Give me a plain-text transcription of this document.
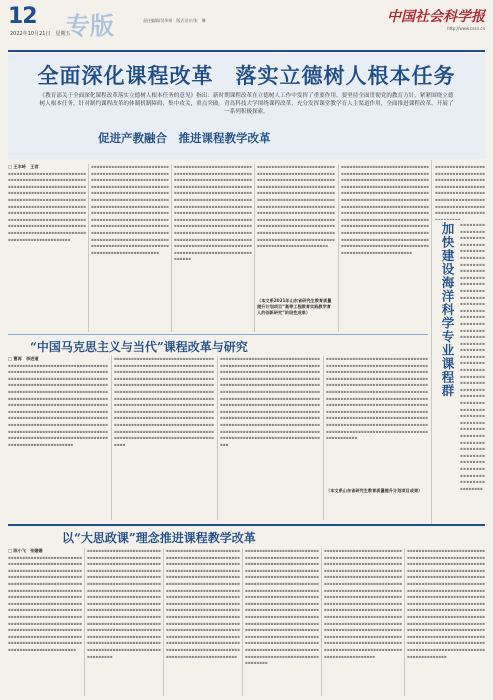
12
2022年10月21日　星期五
专版	责任编辑/吴华瑶　版式设计/张　琳	中国社会科学报
http://www.cssn.cn
全面深化课程改革　落实立德树人根本任务
《教育部关于全面深化课程改革落实立德树人根本任务的意见》指出：新时期课程改革在立德树人工作中发挥了重要作用。要坚持全面贯彻党的教育方针，紧紧围绕立德树人根本任务，针对制约课程改革的体制机制障碍，集中攻关，重点突破。青岛科技大学围绕课程改革，充分发挥课堂教学育人主渠道作用，全面推进课程改革，开展了一系列积极探索。
促进产教融合　推进课程教学改革
□ 王丰岭　王君
▪▪▪▪▪▪▪▪▪▪▪▪▪▪▪▪▪▪▪▪▪▪▪▪▪▪▪▪▪▪▪▪▪▪▪▪▪▪▪▪▪▪▪▪▪▪▪▪▪▪▪▪▪▪▪▪▪▪▪▪▪▪▪▪▪▪▪▪▪▪▪▪▪▪▪▪▪▪▪▪▪▪▪▪▪▪▪▪▪▪▪▪▪▪▪▪▪▪▪▪▪▪▪▪▪▪▪▪▪▪▪▪▪▪▪▪▪▪▪▪▪▪▪▪▪▪▪▪▪▪▪▪▪▪▪▪▪▪▪▪▪▪▪▪▪▪▪▪▪▪▪▪▪▪▪▪▪▪▪▪▪▪▪▪▪▪▪▪▪▪▪▪▪▪▪▪▪▪▪▪▪▪▪▪▪▪▪▪▪▪▪▪▪▪▪▪▪▪▪▪▪▪▪▪▪▪▪▪▪▪▪▪▪▪▪▪▪▪▪▪▪▪▪▪▪▪▪▪▪▪▪▪▪▪▪▪▪▪▪▪▪▪▪▪▪▪▪▪▪▪▪▪▪▪▪▪▪▪▪▪▪▪▪▪▪▪▪▪▪▪▪▪▪▪▪▪▪▪▪▪▪▪▪▪▪▪▪▪▪▪▪▪
▪▪▪▪▪▪▪▪▪▪▪▪▪▪▪▪▪▪▪▪▪▪▪▪▪▪▪▪▪▪▪▪▪▪▪▪▪▪▪▪▪▪▪▪▪▪▪▪▪▪▪▪▪▪▪▪▪▪▪▪▪▪▪▪▪▪▪▪▪▪▪▪▪▪▪▪▪▪▪▪▪▪▪▪▪▪▪▪▪▪▪▪▪▪▪▪▪▪▪▪▪▪▪▪▪▪▪▪▪▪▪▪▪▪▪▪▪▪▪▪▪▪▪▪▪▪▪▪▪▪▪▪▪▪▪▪▪▪▪▪▪▪▪▪▪▪▪▪▪▪▪▪▪▪▪▪▪▪▪▪▪▪▪▪▪▪▪▪▪▪▪▪▪▪▪▪▪▪▪▪▪▪▪▪▪▪▪▪▪▪▪▪▪▪▪▪▪▪▪▪▪▪▪▪▪▪▪▪▪▪▪▪▪▪▪▪▪▪▪▪▪▪▪▪▪▪▪▪▪▪▪▪▪▪▪▪▪▪▪▪▪▪▪▪▪▪▪▪▪▪▪▪▪▪▪▪▪▪▪▪▪▪▪▪▪▪▪▪▪▪▪▪▪▪▪▪▪▪▪▪▪▪▪▪▪▪▪▪▪▪▪▪▪▪▪▪▪▪▪▪▪▪▪▪▪▪▪▪▪▪▪▪▪▪▪▪▪▪▪▪▪▪▪▪▪▪▪▪▪▪▪▪▪▪▪▪▪▪▪▪▪▪▪▪▪▪▪▪▪▪▪▪▪▪▪▪▪▪▪▪▪▪▪▪▪▪▪▪▪▪▪▪▪▪▪
▪▪▪▪▪▪▪▪▪▪▪▪▪▪▪▪▪▪▪▪▪▪▪▪▪▪▪▪▪▪▪▪▪▪▪▪▪▪▪▪▪▪▪▪▪▪▪▪▪▪▪▪▪▪▪▪▪▪▪▪▪▪▪▪▪▪▪▪▪▪▪▪▪▪▪▪▪▪▪▪▪▪▪▪▪▪▪▪▪▪▪▪▪▪▪▪▪▪▪▪▪▪▪▪▪▪▪▪▪▪▪▪▪▪▪▪▪▪▪▪▪▪▪▪▪▪▪▪▪▪▪▪▪▪▪▪▪▪▪▪▪▪▪▪▪▪▪▪▪▪▪▪▪▪▪▪▪▪▪▪▪▪▪▪▪▪▪▪▪▪▪▪▪▪▪▪▪▪▪▪▪▪▪▪▪▪▪▪▪▪▪▪▪▪▪▪▪▪▪▪▪▪▪▪▪▪▪▪▪▪▪▪▪▪▪▪▪▪▪▪▪▪▪▪▪▪▪▪▪▪▪▪▪▪▪▪▪▪▪▪▪▪▪▪▪▪▪▪▪▪▪▪▪▪▪▪▪▪▪▪▪▪▪▪▪▪▪▪▪▪▪▪▪▪▪▪▪▪▪▪▪▪▪▪▪▪▪▪▪▪▪▪▪▪▪▪▪▪▪▪▪▪▪▪▪▪▪▪▪▪▪▪▪▪▪▪▪▪▪▪▪▪▪▪▪▪▪▪▪▪▪▪▪▪▪▪▪▪▪▪▪▪▪▪▪▪▪▪▪▪▪▪▪▪▪▪▪▪▪▪▪▪▪▪▪▪▪▪▪▪▪▪▪▪▪▪▪▪▪▪▪▪▪▪
▪▪▪▪▪▪▪▪▪▪▪▪▪▪▪▪▪▪▪▪▪▪▪▪▪▪▪▪▪▪▪▪▪▪▪▪▪▪▪▪▪▪▪▪▪▪▪▪▪▪▪▪▪▪▪▪▪▪▪▪▪▪▪▪▪▪▪▪▪▪▪▪▪▪▪▪▪▪▪▪▪▪▪▪▪▪▪▪▪▪▪▪▪▪▪▪▪▪▪▪▪▪▪▪▪▪▪▪▪▪▪▪▪▪▪▪▪▪▪▪▪▪▪▪▪▪▪▪▪▪▪▪▪▪▪▪▪▪▪▪▪▪▪▪▪▪▪▪▪▪▪▪▪▪▪▪▪▪▪▪▪▪▪▪▪▪▪▪▪▪▪▪▪▪▪▪▪▪▪▪▪▪▪▪▪▪▪▪▪▪▪▪▪▪▪▪▪▪▪▪▪▪▪▪▪▪▪▪▪▪▪▪▪▪▪▪▪▪▪▪▪▪▪▪▪▪▪▪▪▪▪▪▪▪▪▪▪▪▪▪▪▪▪▪▪▪▪▪▪▪▪▪▪▪▪▪▪▪▪▪▪▪▪▪▪▪▪▪▪▪▪▪▪▪▪▪▪▪▪▪▪▪▪▪▪▪▪▪▪▪▪▪▪▪▪▪▪▪▪▪▪▪▪▪▪▪▪▪▪▪▪▪▪▪▪▪▪▪▪▪▪▪▪▪▪▪▪▪▪▪▪▪▪▪▪▪▪▪▪▪▪▪▪▪▪▪▪▪▪
（本文系2021年山东省研究生教育质量提升计划项目“高等工程教育实践教学育人的创新研究”阶段性成果）
▪▪▪▪▪▪▪▪▪▪▪▪▪▪▪▪▪▪▪▪▪▪▪▪▪▪▪▪▪▪▪▪▪▪▪▪▪▪▪▪▪▪▪▪▪▪▪▪▪▪▪▪▪▪▪▪▪▪▪▪▪▪▪▪▪▪▪▪▪▪▪▪▪▪▪▪▪▪▪▪▪▪▪▪▪▪▪▪▪▪▪▪▪▪▪▪▪▪▪▪▪▪▪▪▪▪▪▪▪▪▪▪▪▪▪▪▪▪▪▪▪▪▪▪▪▪▪▪▪▪▪▪▪▪▪▪▪▪▪▪▪▪▪▪▪▪▪▪▪▪▪▪▪▪▪▪▪▪▪▪▪▪▪▪▪▪▪▪▪▪▪▪▪▪▪▪▪▪▪▪▪▪▪▪▪▪▪▪▪▪▪▪▪▪▪▪▪▪▪▪▪▪▪▪▪▪▪▪▪▪▪▪▪▪▪▪▪▪▪▪▪▪▪▪▪▪▪▪▪▪▪▪▪▪▪▪▪▪▪▪▪▪▪▪▪▪▪▪▪▪▪▪▪▪▪▪▪▪▪▪▪▪▪▪▪▪▪▪▪▪▪▪▪▪▪▪▪▪▪▪▪▪▪▪▪▪▪▪▪▪▪▪▪▪▪▪▪▪▪▪▪▪▪▪▪▪▪▪▪▪▪▪▪▪▪▪▪▪▪▪▪▪▪▪▪▪▪▪▪▪▪▪▪▪▪▪▪▪▪▪▪▪▪▪▪▪▪▪▪▪▪▪▪▪▪▪▪▪▪▪▪▪▪▪▪▪▪▪▪▪▪▪▪▪▪▪▪▪▪▪▪▪▪▪▪▪▪▪▪▪▪▪▪▪▪▪▪▪▪▪▪▪▪▪▪▪▪▪▪▪▪▪▪▪▪▪▪▪▪▪▪▪▪▪▪▪▪▪
▪▪▪▪▪▪▪▪▪▪▪▪▪▪▪▪▪▪▪▪▪▪▪▪▪▪▪▪▪▪▪▪▪▪▪▪▪▪▪▪▪▪▪▪▪▪▪▪▪▪▪▪▪▪▪▪▪▪▪▪▪▪▪▪▪▪▪▪▪▪▪▪▪▪▪▪▪▪▪▪▪▪▪▪▪▪▪▪▪▪▪▪▪▪▪▪▪▪▪▪▪▪▪▪▪▪▪▪▪▪▪▪▪▪▪▪▪▪▪▪▪▪▪▪▪▪▪▪▪▪▪▪▪▪▪▪▪▪▪▪▪▪▪▪▪
加快建设海洋科学专业课程群 ▪▪▪▪▪▪▪▪▪▪▪▪▪▪▪▪▪▪▪▪▪▪▪▪▪▪▪▪▪▪▪▪▪▪▪▪▪▪▪▪▪▪▪▪▪▪▪▪▪▪▪▪▪▪▪▪▪▪▪▪▪▪▪▪▪▪▪▪▪▪▪▪▪▪▪▪▪▪▪▪▪▪▪▪▪▪▪▪▪▪▪▪▪▪▪▪▪▪▪▪▪▪▪▪▪▪▪▪▪▪▪▪▪▪▪▪▪▪▪▪▪▪▪▪▪▪▪▪▪▪▪▪▪▪▪▪▪▪▪▪▪▪▪▪▪▪▪▪▪▪▪▪▪▪▪▪▪▪▪▪▪▪▪▪▪▪▪▪▪▪▪▪▪▪▪▪▪▪▪▪▪▪▪▪▪▪▪▪▪▪▪▪▪▪▪▪▪▪▪▪▪▪▪▪▪▪▪▪▪▪▪▪▪▪▪▪▪▪▪▪▪▪▪▪▪▪▪▪▪▪▪▪▪▪▪▪▪▪▪▪▪▪▪▪▪▪▪▪▪▪▪▪▪▪▪▪▪▪▪▪▪▪▪▪▪▪▪▪▪▪▪▪▪▪▪▪▪▪▪▪▪▪▪▪▪▪▪▪▪▪▪▪▪▪▪▪▪▪▪▪▪▪▪▪▪▪▪▪▪▪▪▪▪▪▪▪▪▪▪▪▪▪▪▪▪▪▪▪
“中国马克思主义与当代”课程改革与研究
□ 曹再　李进道
▪▪▪▪▪▪▪▪▪▪▪▪▪▪▪▪▪▪▪▪▪▪▪▪▪▪▪▪▪▪▪▪▪▪▪▪▪▪▪▪▪▪▪▪▪▪▪▪▪▪▪▪▪▪▪▪▪▪▪▪▪▪▪▪▪▪▪▪▪▪▪▪▪▪▪▪▪▪▪▪▪▪▪▪▪▪▪▪▪▪▪▪▪▪▪▪▪▪▪▪▪▪▪▪▪▪▪▪▪▪▪▪▪▪▪▪▪▪▪▪▪▪▪▪▪▪▪▪▪▪▪▪▪▪▪▪▪▪▪▪▪▪▪▪▪▪▪▪▪▪▪▪▪▪▪▪▪▪▪▪▪▪▪▪▪▪▪▪▪▪▪▪▪▪▪▪▪▪▪▪▪▪▪▪▪▪▪▪▪▪▪▪▪▪▪▪▪▪▪▪▪▪▪▪▪▪▪▪▪▪▪▪▪▪▪▪▪▪▪▪▪▪▪▪▪▪▪▪▪▪▪▪▪▪▪▪▪▪▪▪▪▪▪▪▪▪▪▪▪▪▪▪▪▪▪▪▪▪▪▪▪▪▪▪▪▪▪▪▪▪▪▪▪▪▪▪▪▪▪▪▪▪▪▪▪▪▪▪▪▪▪▪▪▪▪▪▪▪▪▪▪▪▪▪▪▪▪▪▪▪▪▪▪▪▪▪▪▪▪▪▪▪▪▪▪▪▪▪▪▪▪▪▪▪▪▪▪▪▪▪▪▪▪▪▪▪▪▪▪▪▪▪▪▪▪▪▪▪▪▪▪▪▪▪▪▪▪▪▪▪▪▪▪▪▪▪▪▪▪▪▪▪▪▪▪▪▪▪▪▪▪▪▪▪▪▪▪▪▪▪▪▪▪▪▪▪▪▪▪▪▪▪▪▪▪▪▪▪▪▪▪▪▪▪▪▪▪▪▪▪▪▪▪▪▪▪▪▪▪▪▪▪▪
▪▪▪▪▪▪▪▪▪▪▪▪▪▪▪▪▪▪▪▪▪▪▪▪▪▪▪▪▪▪▪▪▪▪▪▪▪▪▪▪▪▪▪▪▪▪▪▪▪▪▪▪▪▪▪▪▪▪▪▪▪▪▪▪▪▪▪▪▪▪▪▪▪▪▪▪▪▪▪▪▪▪▪▪▪▪▪▪▪▪▪▪▪▪▪▪▪▪▪▪▪▪▪▪▪▪▪▪▪▪▪▪▪▪▪▪▪▪▪▪▪▪▪▪▪▪▪▪▪▪▪▪▪▪▪▪▪▪▪▪▪▪▪▪▪▪▪▪▪▪▪▪▪▪▪▪▪▪▪▪▪▪▪▪▪▪▪▪▪▪▪▪▪▪▪▪▪▪▪▪▪▪▪▪▪▪▪▪▪▪▪▪▪▪▪▪▪▪▪▪▪▪▪▪▪▪▪▪▪▪▪▪▪▪▪▪▪▪▪▪▪▪▪▪▪▪▪▪▪▪▪▪▪▪▪▪▪▪▪▪▪▪▪▪▪▪▪▪▪▪▪▪▪▪▪▪▪▪▪▪▪▪▪▪▪▪▪▪▪▪▪▪▪▪▪▪▪▪▪▪▪▪▪▪▪▪▪▪▪▪▪▪▪▪▪▪▪▪▪▪▪▪▪▪▪▪▪▪▪▪▪▪▪▪▪▪▪▪▪▪▪▪▪▪▪▪▪▪▪▪▪▪▪▪▪▪▪▪▪▪▪▪▪▪▪▪▪▪▪▪▪▪▪▪▪▪▪▪▪▪▪▪▪▪▪▪▪▪▪▪▪▪▪▪▪▪▪▪▪▪▪▪▪▪▪▪▪▪▪▪▪▪▪▪▪▪▪▪▪▪▪▪▪▪▪▪▪▪▪▪▪▪▪▪▪▪▪▪▪▪▪▪▪▪▪▪▪▪▪▪▪▪▪▪▪▪▪▪▪▪▪▪▪▪▪▪▪▪▪▪▪▪▪▪▪▪▪▪▪
▪▪▪▪▪▪▪▪▪▪▪▪▪▪▪▪▪▪▪▪▪▪▪▪▪▪▪▪▪▪▪▪▪▪▪▪▪▪▪▪▪▪▪▪▪▪▪▪▪▪▪▪▪▪▪▪▪▪▪▪▪▪▪▪▪▪▪▪▪▪▪▪▪▪▪▪▪▪▪▪▪▪▪▪▪▪▪▪▪▪▪▪▪▪▪▪▪▪▪▪▪▪▪▪▪▪▪▪▪▪▪▪▪▪▪▪▪▪▪▪▪▪▪▪▪▪▪▪▪▪▪▪▪▪▪▪▪▪▪▪▪▪▪▪▪▪▪▪▪▪▪▪▪▪▪▪▪▪▪▪▪▪▪▪▪▪▪▪▪▪▪▪▪▪▪▪▪▪▪▪▪▪▪▪▪▪▪▪▪▪▪▪▪▪▪▪▪▪▪▪▪▪▪▪▪▪▪▪▪▪▪▪▪▪▪▪▪▪▪▪▪▪▪▪▪▪▪▪▪▪▪▪▪▪▪▪▪▪▪▪▪▪▪▪▪▪▪▪▪▪▪▪▪▪▪▪▪▪▪▪▪▪▪▪▪▪▪▪▪▪▪▪▪▪▪▪▪▪▪▪▪▪▪▪▪▪▪▪▪▪▪▪▪▪▪▪▪▪▪▪▪▪▪▪▪▪▪▪▪▪▪▪▪▪▪▪▪▪▪▪▪▪▪▪▪▪▪▪▪▪▪▪▪▪▪▪▪▪▪▪▪▪▪▪▪▪▪▪▪▪▪▪▪▪▪▪▪▪▪▪▪▪▪▪▪▪▪▪▪▪▪▪▪▪▪▪▪▪▪▪▪▪▪▪▪▪▪▪▪▪▪▪▪▪▪▪▪▪▪▪▪▪▪▪▪▪▪▪▪▪▪▪▪▪▪▪▪▪▪▪▪▪▪▪▪▪▪▪▪▪▪▪▪▪▪▪▪▪▪▪▪▪▪▪▪▪▪▪▪▪▪▪▪▪▪▪▪▪
▪▪▪▪▪▪▪▪▪▪▪▪▪▪▪▪▪▪▪▪▪▪▪▪▪▪▪▪▪▪▪▪▪▪▪▪▪▪▪▪▪▪▪▪▪▪▪▪▪▪▪▪▪▪▪▪▪▪▪▪▪▪▪▪▪▪▪▪▪▪▪▪▪▪▪▪▪▪▪▪▪▪▪▪▪▪▪▪▪▪▪▪▪▪▪▪▪▪▪▪▪▪▪▪▪▪▪▪▪▪▪▪▪▪▪▪▪▪▪▪▪▪▪▪▪▪▪▪▪▪▪▪▪▪▪▪▪▪▪▪▪▪▪▪▪▪▪▪▪▪▪▪▪▪▪▪▪▪▪▪▪▪▪▪▪▪▪▪▪▪▪▪▪▪▪▪▪▪▪▪▪▪▪▪▪▪▪▪▪▪▪▪▪▪▪▪▪▪▪▪▪▪▪▪▪▪▪▪▪▪▪▪▪▪▪▪▪▪▪▪▪▪▪▪▪▪▪▪▪▪▪▪▪▪▪▪▪▪▪▪▪▪▪▪▪▪▪▪▪▪▪▪▪▪▪▪▪▪▪▪▪▪▪▪▪▪▪▪▪▪▪▪▪▪▪▪▪▪▪▪▪▪▪▪▪▪▪▪▪▪▪▪▪▪▪▪▪▪▪▪▪▪▪▪▪▪▪▪▪▪▪▪▪▪▪▪▪▪▪▪▪▪▪▪▪▪▪▪▪▪▪▪▪▪▪▪▪▪▪▪▪▪▪▪▪▪▪▪▪▪▪▪▪▪▪▪▪▪▪▪▪▪▪▪▪▪▪▪▪▪▪▪▪▪▪▪▪▪▪▪▪▪▪▪▪▪▪▪▪▪▪▪▪▪▪▪▪▪▪▪▪▪▪▪▪▪▪▪▪▪▪▪▪▪▪▪▪▪▪▪▪▪▪▪▪▪▪▪▪▪▪
（本文系山东省研究生教育质量提升计划项目成果）
以“大思政课”理念推进课程教学改革
□ 陈小飞　张姗姗
▪▪▪▪▪▪▪▪▪▪▪▪▪▪▪▪▪▪▪▪▪▪▪▪▪▪▪▪▪▪▪▪▪▪▪▪▪▪▪▪▪▪▪▪▪▪▪▪▪▪▪▪▪▪▪▪▪▪▪▪▪▪▪▪▪▪▪▪▪▪▪▪▪▪▪▪▪▪▪▪▪▪▪▪▪▪▪▪▪▪▪▪▪▪▪▪▪▪▪▪▪▪▪▪▪▪▪▪▪▪▪▪▪▪▪▪▪▪▪▪▪▪▪▪▪▪▪▪▪▪▪▪▪▪▪▪▪▪▪▪▪▪▪▪▪▪▪▪▪▪▪▪▪▪▪▪▪▪▪▪▪▪▪▪▪▪▪▪▪▪▪▪▪▪▪▪▪▪▪▪▪▪▪▪▪▪▪▪▪▪▪▪▪▪▪▪▪▪▪▪▪▪▪▪▪▪▪▪▪▪▪▪▪▪▪▪▪▪▪▪▪▪▪▪▪▪▪▪▪▪▪▪▪▪▪▪▪▪▪▪▪▪▪▪▪▪▪▪▪▪▪▪▪▪▪▪▪▪▪▪▪▪▪▪▪▪▪▪▪▪▪▪▪▪▪▪▪▪▪▪▪▪▪▪▪▪▪▪▪▪▪▪▪▪▪▪▪▪▪▪▪▪▪▪▪▪▪▪▪▪▪▪▪▪▪▪▪▪▪▪▪▪▪▪▪▪▪▪▪▪▪▪▪▪▪▪▪▪▪▪▪▪▪▪▪▪▪▪▪▪▪▪▪▪▪▪▪▪▪▪▪▪▪▪▪▪▪▪▪▪▪▪▪▪▪▪▪▪▪▪▪▪▪▪▪▪▪▪
▪▪▪▪▪▪▪▪▪▪▪▪▪▪▪▪▪▪▪▪▪▪▪▪▪▪▪▪▪▪▪▪▪▪▪▪▪▪▪▪▪▪▪▪▪▪▪▪▪▪▪▪▪▪▪▪▪▪▪▪▪▪▪▪▪▪▪▪▪▪▪▪▪▪▪▪▪▪▪▪▪▪▪▪▪▪▪▪▪▪▪▪▪▪▪▪▪▪▪▪▪▪▪▪▪▪▪▪▪▪▪▪▪▪▪▪▪▪▪▪▪▪▪▪▪▪▪▪▪▪▪▪▪▪▪▪▪▪▪▪▪▪▪▪▪▪▪▪▪▪▪▪▪▪▪▪▪▪▪▪▪▪▪▪▪▪▪▪▪▪▪▪▪▪▪▪▪▪▪▪▪▪▪▪▪▪▪▪▪▪▪▪▪▪▪▪▪▪▪▪▪▪▪▪▪▪▪▪▪▪▪▪▪▪▪▪▪▪▪▪▪▪▪▪▪▪▪▪▪▪▪▪▪▪▪▪▪▪▪▪▪▪▪▪▪▪▪▪▪▪▪▪▪▪▪▪▪▪▪▪▪▪▪▪▪▪▪▪▪▪▪▪▪▪▪▪▪▪▪▪▪▪▪▪▪▪▪▪▪▪▪▪▪▪▪▪▪▪▪▪▪▪▪▪▪▪▪▪▪▪▪▪▪▪▪▪▪▪▪▪▪▪▪▪▪▪▪▪▪▪▪▪▪▪▪▪▪▪▪▪▪▪▪▪▪▪▪▪▪▪▪▪▪▪▪▪▪▪▪▪▪▪▪▪▪▪▪▪▪▪▪▪▪▪▪▪▪▪▪▪▪▪▪▪▪▪▪▪▪▪▪▪▪▪▪▪▪▪▪▪▪▪▪▪▪▪▪▪▪▪▪▪▪▪▪▪▪▪▪▪▪▪▪▪▪
▪▪▪▪▪▪▪▪▪▪▪▪▪▪▪▪▪▪▪▪▪▪▪▪▪▪▪▪▪▪▪▪▪▪▪▪▪▪▪▪▪▪▪▪▪▪▪▪▪▪▪▪▪▪▪▪▪▪▪▪▪▪▪▪▪▪▪▪▪▪▪▪▪▪▪▪▪▪▪▪▪▪▪▪▪▪▪▪▪▪▪▪▪▪▪▪▪▪▪▪▪▪▪▪▪▪▪▪▪▪▪▪▪▪▪▪▪▪▪▪▪▪▪▪▪▪▪▪▪▪▪▪▪▪▪▪▪▪▪▪▪▪▪▪▪▪▪▪▪▪▪▪▪▪▪▪▪▪▪▪▪▪▪▪▪▪▪▪▪▪▪▪▪▪▪▪▪▪▪▪▪▪▪▪▪▪▪▪▪▪▪▪▪▪▪▪▪▪▪▪▪▪▪▪▪▪▪▪▪▪▪▪▪▪▪▪▪▪▪▪▪▪▪▪▪▪▪▪▪▪▪▪▪▪▪▪▪▪▪▪▪▪▪▪▪▪▪▪▪▪▪▪▪▪▪▪▪▪▪▪▪▪▪▪▪▪▪▪▪▪▪▪▪▪▪▪▪▪▪▪▪▪▪▪▪▪▪▪▪▪▪▪▪▪▪▪▪▪▪▪▪▪▪▪▪▪▪▪▪▪▪▪▪▪▪▪▪▪▪▪▪▪▪▪▪▪▪▪▪▪▪▪▪▪▪▪▪▪▪▪▪▪▪▪▪▪▪▪▪▪▪▪▪▪▪▪▪▪▪▪▪▪▪▪▪▪▪▪▪▪▪▪▪▪▪▪▪▪▪▪▪▪▪▪▪▪▪▪▪▪▪▪▪▪▪▪▪▪▪▪▪▪▪▪▪▪▪▪▪▪▪▪▪▪▪▪▪▪▪▪▪▪▪▪▪▪▪▪▪▪▪▪▪▪▪▪▪▪▪▪▪
▪▪▪▪▪▪▪▪▪▪▪▪▪▪▪▪▪▪▪▪▪▪▪▪▪▪▪▪▪▪▪▪▪▪▪▪▪▪▪▪▪▪▪▪▪▪▪▪▪▪▪▪▪▪▪▪▪▪▪▪▪▪▪▪▪▪▪▪▪▪▪▪▪▪▪▪▪▪▪▪▪▪▪▪▪▪▪▪▪▪▪▪▪▪▪▪▪▪▪▪▪▪▪▪▪▪▪▪▪▪▪▪▪▪▪▪▪▪▪▪▪▪▪▪▪▪▪▪▪▪▪▪▪▪▪▪▪▪▪▪▪▪▪▪▪▪▪▪▪▪▪▪▪▪▪▪▪▪▪▪▪▪▪▪▪▪▪▪▪▪▪▪▪▪▪▪▪▪▪▪▪▪▪▪▪▪▪▪▪▪▪▪▪▪▪▪▪▪▪▪▪▪▪▪▪▪▪▪▪▪▪▪▪▪▪▪▪▪▪▪▪▪▪▪▪▪▪▪▪▪▪▪▪▪▪▪▪▪▪▪▪▪▪▪▪▪▪▪▪▪▪▪▪▪▪▪▪▪▪▪▪▪▪▪▪▪▪▪▪▪▪▪▪▪▪▪▪▪▪▪▪▪▪▪▪▪▪▪▪▪▪▪▪▪▪▪▪▪▪▪▪▪▪▪▪▪▪▪▪▪▪▪▪▪▪▪▪▪▪▪▪▪▪▪▪▪▪▪▪▪▪▪▪▪▪▪▪▪▪▪▪▪▪▪▪▪▪▪▪▪▪▪▪▪▪▪▪▪▪▪▪▪▪▪▪▪▪▪▪▪▪▪▪▪▪▪▪▪▪▪▪▪▪▪▪▪▪▪▪▪▪▪▪▪▪▪▪▪▪▪▪▪▪▪▪▪▪▪▪▪▪▪▪▪▪▪▪▪▪▪▪▪▪▪▪▪▪▪▪▪▪▪▪▪▪▪▪▪▪▪▪▪▪▪▪▪▪▪▪▪
▪▪▪▪▪▪▪▪▪▪▪▪▪▪▪▪▪▪▪▪▪▪▪▪▪▪▪▪▪▪▪▪▪▪▪▪▪▪▪▪▪▪▪▪▪▪▪▪▪▪▪▪▪▪▪▪▪▪▪▪▪▪▪▪▪▪▪▪▪▪▪▪▪▪▪▪▪▪▪▪▪▪▪▪▪▪▪▪▪▪▪▪▪▪▪▪▪▪▪▪▪▪▪▪▪▪▪▪▪▪▪▪▪▪▪▪▪▪▪▪▪▪▪▪▪▪▪▪▪▪▪▪▪▪▪▪▪▪▪▪▪▪▪▪▪▪▪▪▪▪▪▪▪▪▪▪▪▪▪▪▪▪▪▪▪▪▪▪▪▪▪▪▪▪▪▪▪▪▪▪▪▪▪▪▪▪▪▪▪▪▪▪▪▪▪▪▪▪▪▪▪▪▪▪▪▪▪▪▪▪▪▪▪▪▪▪▪▪▪▪▪▪▪▪▪▪▪▪▪▪▪▪▪▪▪▪▪▪▪▪▪▪▪▪▪▪▪▪▪▪▪▪▪▪▪▪▪▪▪▪▪▪▪▪▪▪▪▪▪▪▪▪▪▪▪▪▪▪▪▪▪▪▪▪▪▪▪▪▪▪▪▪▪▪▪▪▪▪▪▪▪▪▪▪▪▪▪▪▪▪▪▪▪▪▪▪▪▪▪▪▪▪▪▪▪▪▪▪▪▪▪▪▪▪▪▪▪▪▪▪▪▪▪▪▪▪▪▪▪▪▪▪▪▪▪▪▪▪▪▪▪▪▪▪▪▪▪▪▪▪▪▪▪▪▪▪▪▪▪▪▪▪▪▪▪▪▪▪▪▪▪▪▪▪▪▪▪▪▪▪▪▪▪▪▪▪▪▪▪▪▪▪▪▪▪▪▪▪▪▪▪▪▪▪▪▪▪▪▪▪▪▪▪▪▪▪▪▪▪▪▪▪▪▪▪▪▪▪▪▪
▪▪▪▪▪▪▪▪▪▪▪▪▪▪▪▪▪▪▪▪▪▪▪▪▪▪▪▪▪▪▪▪▪▪▪▪▪▪▪▪▪▪▪▪▪▪▪▪▪▪▪▪▪▪▪▪▪▪▪▪▪▪▪▪▪▪▪▪▪▪▪▪▪▪▪▪▪▪▪▪▪▪▪▪▪▪▪▪▪▪▪▪▪▪▪▪▪▪▪▪▪▪▪▪▪▪▪▪▪▪▪▪▪▪▪▪▪▪▪▪▪▪▪▪▪▪▪▪▪▪▪▪▪▪▪▪▪▪▪▪▪▪▪▪▪▪▪▪▪▪▪▪▪▪▪▪▪▪▪▪▪▪▪▪▪▪▪▪▪▪▪▪▪▪▪▪▪▪▪▪▪▪▪▪▪▪▪▪▪▪▪▪▪▪▪▪▪▪▪▪▪▪▪▪▪▪▪▪▪▪▪▪▪▪▪▪▪▪▪▪▪▪▪▪▪▪▪▪▪▪▪▪▪▪▪▪▪▪▪▪▪▪▪▪▪▪▪▪▪▪▪▪▪▪▪▪▪▪▪▪▪▪▪▪▪▪▪▪▪▪▪▪▪▪▪▪▪▪▪▪▪▪▪▪▪▪▪▪▪▪▪▪▪▪▪▪▪▪▪▪▪▪▪▪▪▪▪▪▪▪▪▪▪▪▪▪▪▪▪▪▪▪▪▪▪▪▪▪▪▪▪▪▪▪▪▪▪▪▪▪▪▪▪▪▪▪▪▪▪▪▪▪▪▪▪▪▪▪▪▪▪▪▪▪▪▪▪▪▪▪▪▪▪▪▪▪▪▪▪▪▪▪▪▪▪▪▪▪▪▪▪▪▪▪▪▪▪▪▪▪▪▪▪▪▪▪▪▪▪▪▪▪▪▪▪▪▪▪▪▪▪▪▪▪▪▪▪▪▪▪▪▪▪▪▪▪▪▪▪▪▪▪▪▪▪▪
